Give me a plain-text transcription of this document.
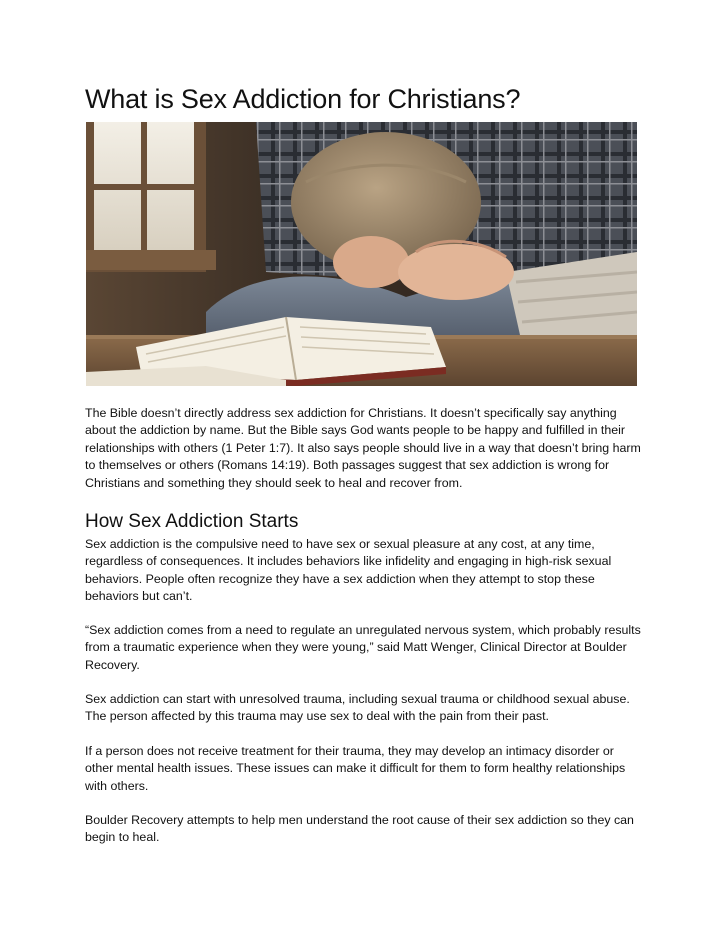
What is Sex Addiction for Christians?

The Bible doesn’t directly address sex addiction for Christians. It doesn’t specifically say anything about the addiction by name. But the Bible says God wants people to be happy and fulfilled in their relationships with others (1 Peter 1:7). It also says people should live in a way that doesn’t bring harm to themselves or others (Romans 14:19). Both passages suggest that sex addiction is wrong for Christians and something they should seek to heal and recover from.

How Sex Addiction Starts

Sex addiction is the compulsive need to have sex or sexual pleasure at any cost, at any time, regardless of consequences. It includes behaviors like infidelity and engaging in high-risk sexual behaviors. People often recognize they have a sex addiction when they attempt to stop these behaviors but can’t.

“Sex addiction comes from a need to regulate an unregulated nervous system, which probably results from a traumatic experience when they were young,” said Matt Wenger, Clinical Director at Boulder Recovery.

Sex addiction can start with unresolved trauma, including sexual trauma or childhood sexual abuse. The person affected by this trauma may use sex to deal with the pain from their past.

If a person does not receive treatment for their trauma, they may develop an intimacy disorder or other mental health issues. These issues can make it difficult for them to form healthy relationships with others.

Boulder Recovery attempts to help men understand the root cause of their sex addiction so they can begin to heal.
